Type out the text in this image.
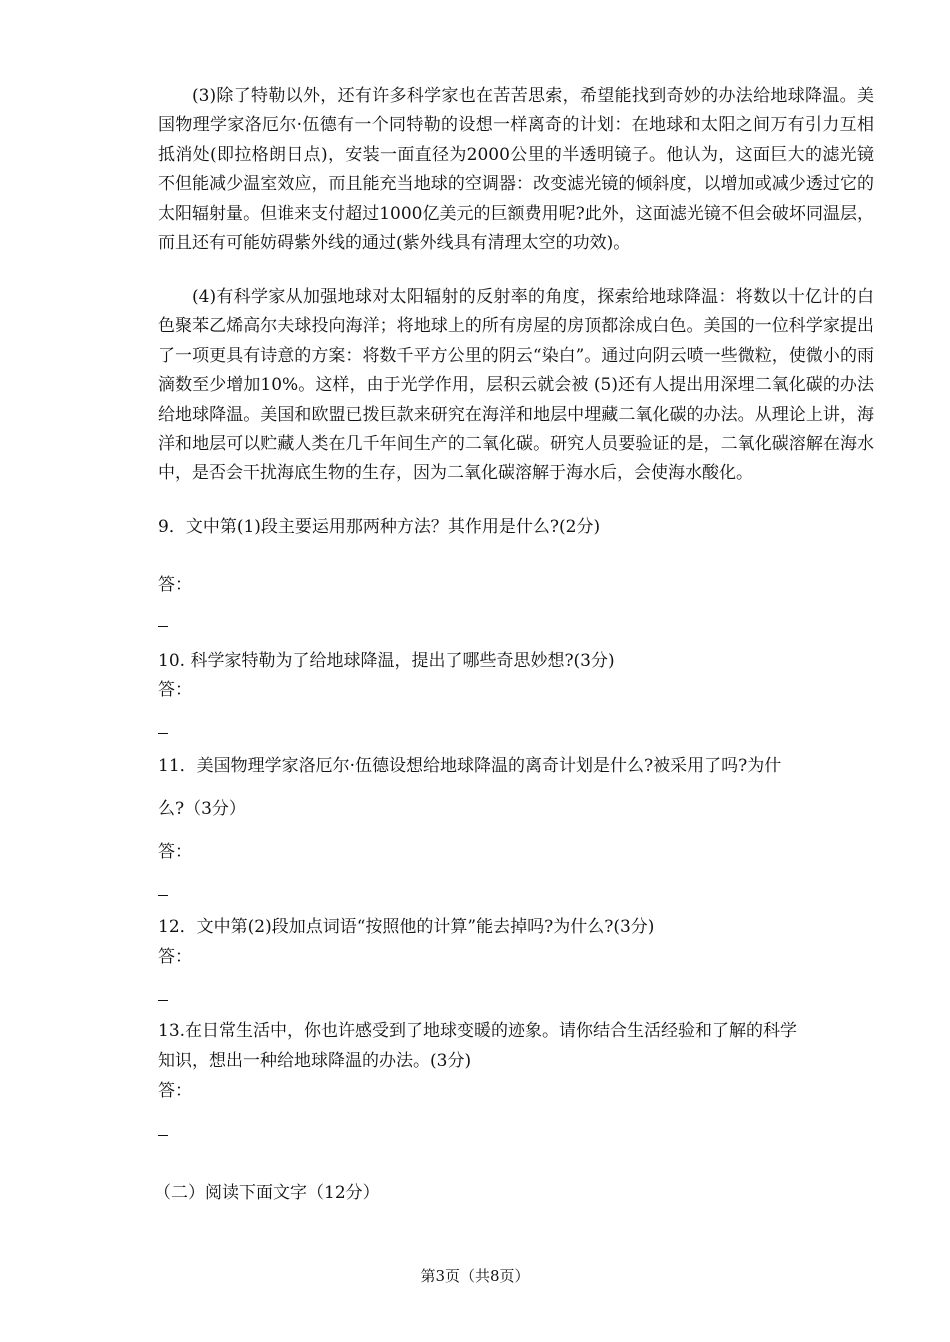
(3)除了特勒以外，还有许多科学家也在苦苦思索，希望能找到奇妙的办法给地球降温。美国物理学家洛厄尔·伍德有一个同特勒的设想一样离奇的计划：在地球和太阳之间万有引力互相抵消处(即拉格朗日点)，安装一面直径为2000公里的半透明镜子。他认为，这面巨大的滤光镜不但能减少温室效应，而且能充当地球的空调器：改变滤光镜的倾斜度，以增加或减少透过它的太阳辐射量。但谁来支付超过1000亿美元的巨额费用呢?此外，这面滤光镜不但会破坏同温层，而且还有可能妨碍紫外线的通过(紫外线具有清理太空的功效)。

(4)有科学家从加强地球对太阳辐射的反射率的角度，探索给地球降温：将数以十亿计的白色聚苯乙烯高尔夫球投向海洋；将地球上的所有房屋的房顶都涂成白色。美国的一位科学家提出了一项更具有诗意的方案：将数千平方公里的阴云“染白”。通过向阴云喷一些微粒，使微小的雨滴数至少增加10%。这样，由于光学作用，层积云就会被 (5)还有人提出用深埋二氧化碳的办法给地球降温。美国和欧盟已拨巨款来研究在海洋和地层中埋藏二氧化碳的办法。从理论上讲，海洋和地层可以贮藏人类在几千年间生产的二氧化碳。研究人员要验证的是，二氧化碳溶解在海水中，是否会干扰海底生物的生存，因为二氧化碳溶解于海水后，会使海水酸化。

9．文中第(1)段主要运用那两种方法？其作用是什么?(2分)

答：

10. 科学家特勒为了给地球降温，提出了哪些奇思妙想?(3分)

答：

11．美国物理学家洛厄尔·伍德设想给地球降温的离奇计划是什么?被采用了吗?为什

么?（3分）

答：

12．文中第(2)段加点词语“按照他的计算”能去掉吗?为什么?(3分)

答：

13.在日常生活中，你也许感受到了地球变暖的迹象。请你结合生活经验和了解的科学

知识，想出一种给地球降温的办法。(3分)

答：

（二）阅读下面文字（12分）

第3页（共8页）
